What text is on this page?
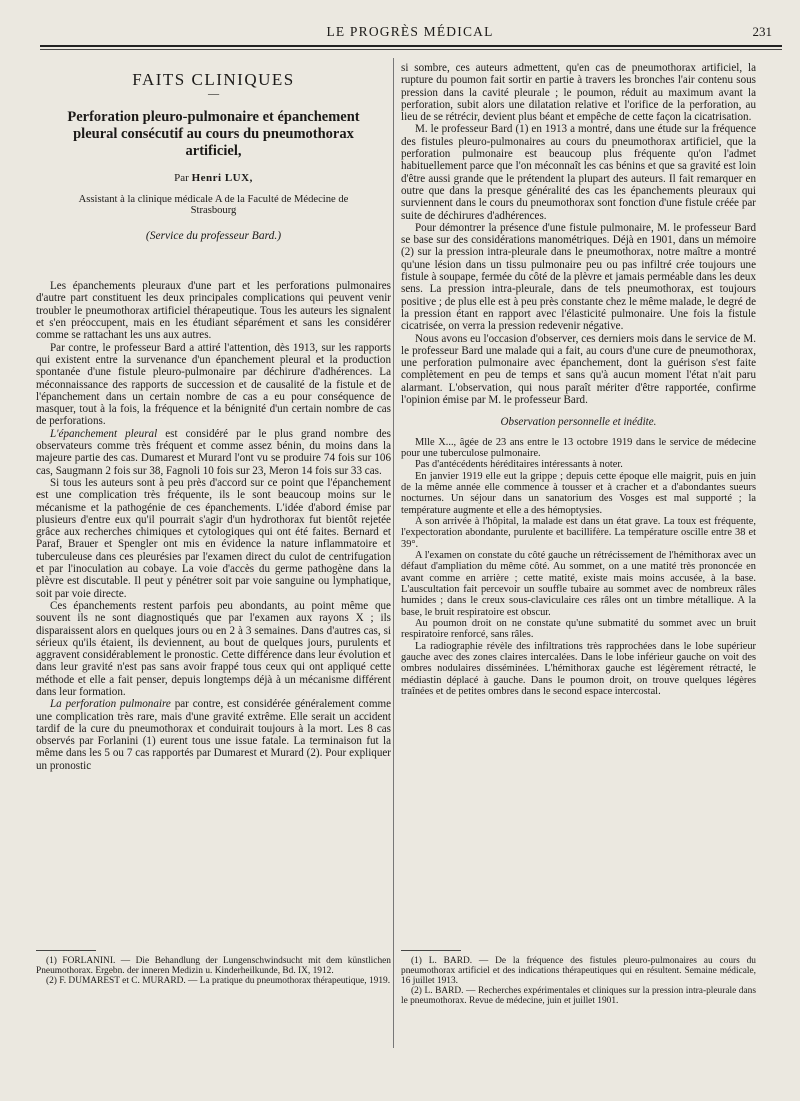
LE PROGRÈS MÉDICAL	231

FAITS CLINIQUES

—

Perforation pleuro-pulmonaire et épanchement pleural consécutif au cours du pneumothorax artificiel,

Par Henri LUX,

Assistant à la clinique médicale A de la Faculté de Médecine de Strasbourg

(Service du professeur Bard.)

Les épanchements pleuraux d'une part et les perforations pulmonaires d'autre part constituent les deux principales complications qui peuvent venir troubler le pneumothorax artificiel thérapeutique. Tous les auteurs les signalent et s'en préoccupent, mais en les étudiant séparément et sans les considérer comme se rattachant les uns aux autres.

Par contre, le professeur Bard a attiré l'attention, dès 1913, sur les rapports qui existent entre la survenance d'un épanchement pleural et la production spontanée d'une fistule pleuro-pulmonaire par déchirure d'adhérences. La méconnaissance des rapports de succession et de causalité de la fistule et de l'épanchement dans un certain nombre de cas a eu pour conséquence de masquer, tout à la fois, la fréquence et la bénignité d'un certain nombre de cas de perforations.

L'épanchement pleural est considéré par le plus grand nombre des observateurs comme très fréquent et comme assez bénin, du moins dans la majeure partie des cas. Dumarest et Murard l'ont vu se produire 74 fois sur 106 cas, Saugmann 2 fois sur 38, Fagnoli 10 fois sur 23, Meron 14 fois sur 33 cas.

Si tous les auteurs sont à peu près d'accord sur ce point que l'épanchement est une complication très fréquente, ils le sont beaucoup moins sur le mécanisme et la pathogénie de ces épanchements. L'idée d'abord émise par plusieurs d'entre eux qu'il pourrait s'agir d'un hydrothorax fut bientôt rejetée grâce aux recherches chimiques et cytologiques qui ont été faites. Bernard et Paraf, Brauer et Spengler ont mis en évidence la nature inflammatoire et tuberculeuse dans ces pleurésies par l'examen direct du culot de centrifugation et par l'inoculation au cobaye. La voie d'accès du germe pathogène dans la plèvre est discutable. Il peut y pénétrer soit par voie sanguine ou lymphatique, soit par voie directe.

Ces épanchements restent parfois peu abondants, au point même que souvent ils ne sont diagnostiqués que par l'examen aux rayons X ; ils disparaissent alors en quelques jours ou en 2 à 3 semaines. Dans d'autres cas, si sérieux qu'ils étaient, ils deviennent, au bout de quelques jours, purulents et aggravent considérablement le pronostic. Cette différence dans leur évolution et dans leur gravité n'est pas sans avoir frappé tous ceux qui ont appliqué cette méthode et elle a fait penser, depuis longtemps déjà à un mécanisme différent dans leur formation.

La perforation pulmonaire par contre, est considérée généralement comme une complication très rare, mais d'une gravité extrême. Elle serait un accident tardif de la cure du pneumothorax et conduirait toujours à la mort. Les 8 cas observés par Forlanini (1) eurent tous une issue fatale. La terminaison fut la même dans les 5 ou 7 cas rapportés par Dumarest et Murard (2). Pour expliquer un pronostic

(1) FORLANINI. — Die Behandlung der Lungenschwindsucht mit dem künstlichen Pneumothorax. Ergebn. der inneren Medizin u. Kinderheilkunde, Bd. IX, 1912.

(2) F. DUMAREST et C. MURARD. — La pratique du pneumothorax thérapeutique, 1919.

si sombre, ces auteurs admettent, qu'en cas de pneumothorax artificiel, la rupture du poumon fait sortir en partie à travers les bronches l'air contenu sous pression dans la cavité pleurale ; le poumon, réduit au maximum avant la perforation, subit alors une dilatation relative et l'orifice de la perforation, au lieu de se rétrécir, devient plus béant et empêche de cette façon la cicatrisation.

M. le professeur Bard (1) en 1913 a montré, dans une étude sur la fréquence des fistules pleuro-pulmonaires au cours du pneumothorax artificiel, que la perforation pulmonaire est beaucoup plus fréquente qu'on l'admet habituellement parce que l'on méconnaît les cas bénins et que sa gravité est loin d'être aussi grande que le prétendent la plupart des auteurs. Il fait remarquer en outre que dans la presque généralité des cas les épanchements pleuraux qui surviennent dans le cours du pneumothorax sont fonction d'une fistule créée par suite de déchirures d'adhérences.

Pour démontrer la présence d'une fistule pulmonaire, M. le professeur Bard se base sur des considérations manométriques. Déjà en 1901, dans un mémoire (2) sur la pression intra-pleurale dans le pneumothorax, notre maître a montré qu'une lésion dans un tissu pulmonaire peu ou pas infiltré crée toujours une fistule à soupape, fermée du côté de la plèvre et jamais perméable dans les deux sens. La pression intra-pleurale, dans de tels pneumothorax, est toujours positive ; de plus elle est à peu près constante chez le même malade, le degré de la pression étant en rapport avec l'élasticité pulmonaire. Une fois la fistule cicatrisée, on verra la pression redevenir négative.

Nous avons eu l'occasion d'observer, ces derniers mois dans le service de M. le professeur Bard une malade qui a fait, au cours d'une cure de pneumothorax, une perforation pulmonaire avec épanchement, dont la guérison s'est faite complètement en peu de temps et sans qu'à aucun moment l'état n'ait paru alarmant. L'observation, qui nous paraît mériter d'être rapportée, confirme l'opinion émise par M. le professeur Bard.

Observation personnelle et inédite.

Mlle X..., âgée de 23 ans entre le 13 octobre 1919 dans le service de médecine pour une tuberculose pulmonaire.

Pas d'antécédents héréditaires intéressants à noter.

En janvier 1919 elle eut la grippe ; depuis cette époque elle maigrit, puis en juin de la même année elle commence à tousser et à cracher et a d'abondantes sueurs nocturnes. Un séjour dans un sanatorium des Vosges est mal supporté ; la température augmente et elle a des hémoptysies.

A son arrivée à l'hôpital, la malade est dans un état grave. La toux est fréquente, l'expectoration abondante, purulente et bacillifère. La température oscille entre 38 et 39°.

A l'examen on constate du côté gauche un rétrécissement de l'hémithorax avec un défaut d'ampliation du même côté. Au sommet, on a une matité très prononcée en avant comme en arrière ; cette matité, existe mais moins accusée, à la base. L'auscultation fait percevoir un souffle tubaire au sommet avec de nombreux râles humides ; dans le creux sous-claviculaire ces râles ont un timbre métallique. A la base, le bruit respiratoire est obscur.

Au poumon droit on ne constate qu'une submatité du sommet avec un bruit respiratoire renforcé, sans râles.

La radiographie révèle des infiltrations très rapprochées dans le lobe supérieur gauche avec des zones claires intercalées. Dans le lobe inférieur gauche on voit des ombres nodulaires disséminées. L'hémithorax gauche est légèrement rétracté, le médiastin déplacé à gauche. Dans le poumon droit, on trouve quelques légères traînées et de petites ombres dans le second espace intercostal.

(1) L. BARD. — De la fréquence des fistules pleuro-pulmonaires au cours du pneumothorax artificiel et des indications thérapeutiques qui en résultent. Semaine médicale, 16 juillet 1913.

(2) L. BARD. — Recherches expérimentales et cliniques sur la pression intra-pleurale dans le pneumothorax. Revue de médecine, juin et juillet 1901.
